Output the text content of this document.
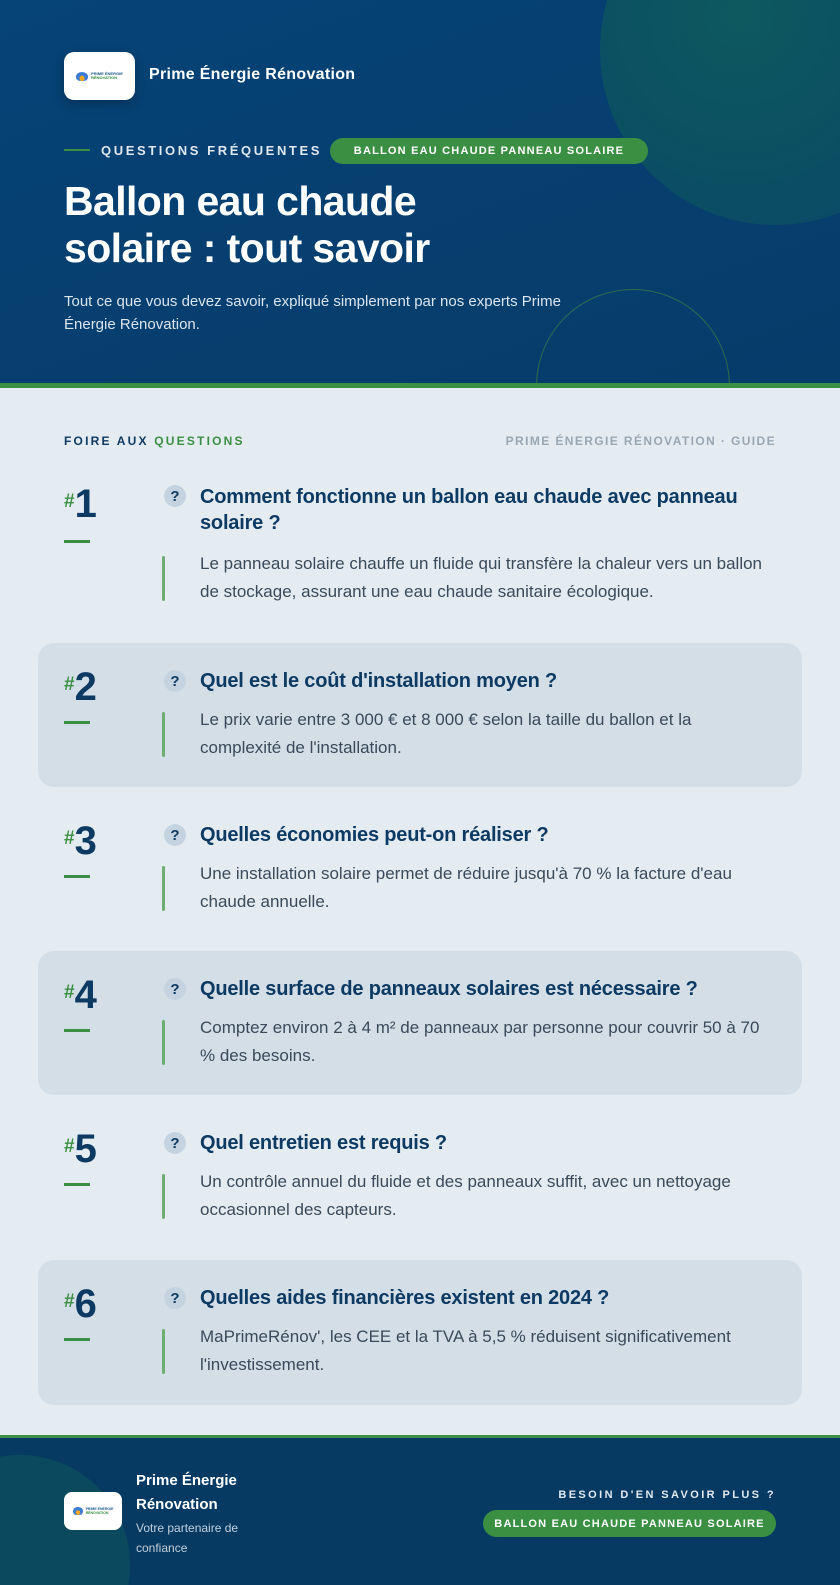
PRIME ÉNERGIE
RÉNOVATION	Prime Énergie Rénovation
QUESTIONS FRÉQUENTES	BALLON EAU CHAUDE PANNEAU SOLAIRE
Ballon eau chaude
solaire : tout savoir

Tout ce que vous devez savoir, expliqué simplement par nos experts Prime Énergie Rénovation.

FOIRE AUX QUESTIONS	PRIME ÉNERGIE RÉNOVATION · GUIDE
#1	?	Comment fonctionne un ballon eau chaude avec panneau solaire ?
Le panneau solaire chauffe un fluide qui transfère la chaleur vers un ballon de stockage, assurant une eau chaude sanitaire écologique.
#2	?	Quel est le coût d'installation moyen ?
Le prix varie entre 3 000 € et 8 000 € selon la taille du ballon et la complexité de l'installation.
#3	?	Quelles économies peut-on réaliser ?
Une installation solaire permet de réduire jusqu'à 70 % la facture d'eau chaude annuelle.
#4	?	Quelle surface de panneaux solaires est nécessaire ?
Comptez environ 2 à 4 m² de panneaux par personne pour couvrir 50 à 70 % des besoins.
#5	?	Quel entretien est requis ?
Un contrôle annuel du fluide et des panneaux suffit, avec un nettoyage occasionnel des capteurs.
#6	?	Quelles aides financières existent en 2024 ?
MaPrimeRénov', les CEE et la TVA à 5,5 % réduisent significativement l'investissement.
PRIME ÉNERGIE
RÉNOVATION
Prime Énergie Rénovation
Votre partenaire de confiance
BESOIN D'EN SAVOIR PLUS ?
BALLON EAU CHAUDE PANNEAU SOLAIRE
